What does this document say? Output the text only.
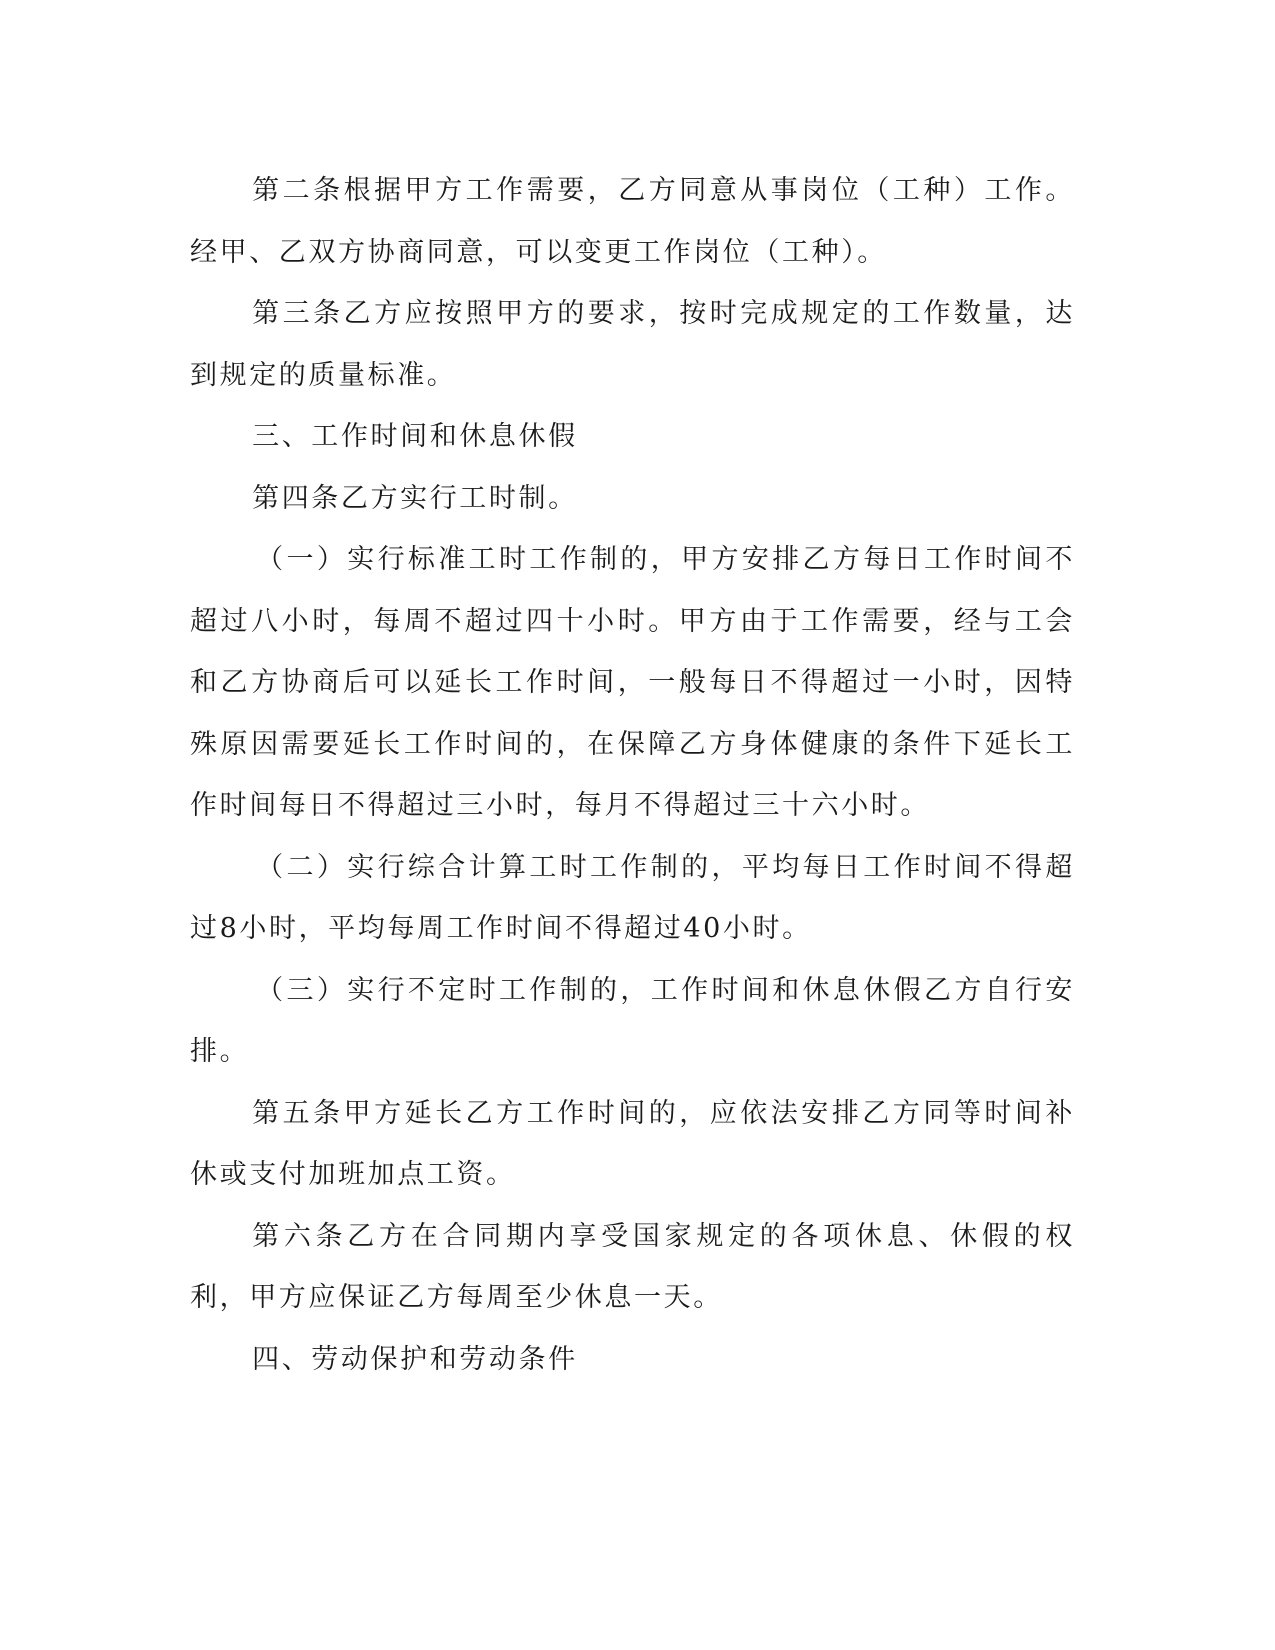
第二条根据甲方工作需要，乙方同意从事岗位（工种）工作。经甲、乙双方协商同意，可以变更工作岗位（工种）。

第三条乙方应按照甲方的要求，按时完成规定的工作数量，达到规定的质量标准。

三、工作时间和休息休假

第四条乙方实行工时制。

（一）实行标准工时工作制的，甲方安排乙方每日工作时间不超过八小时，每周不超过四十小时。甲方由于工作需要，经与工会和乙方协商后可以延长工作时间，一般每日不得超过一小时，因特殊原因需要延长工作时间的，在保障乙方身体健康的条件下延长工作时间每日不得超过三小时，每月不得超过三十六小时。

（二）实行综合计算工时工作制的，平均每日工作时间不得超过8小时，平均每周工作时间不得超过40小时。

（三）实行不定时工作制的，工作时间和休息休假乙方自行安排。

第五条甲方延长乙方工作时间的，应依法安排乙方同等时间补休或支付加班加点工资。

第六条乙方在合同期内享受国家规定的各项休息、休假的权利，甲方应保证乙方每周至少休息一天。

四、劳动保护和劳动条件
